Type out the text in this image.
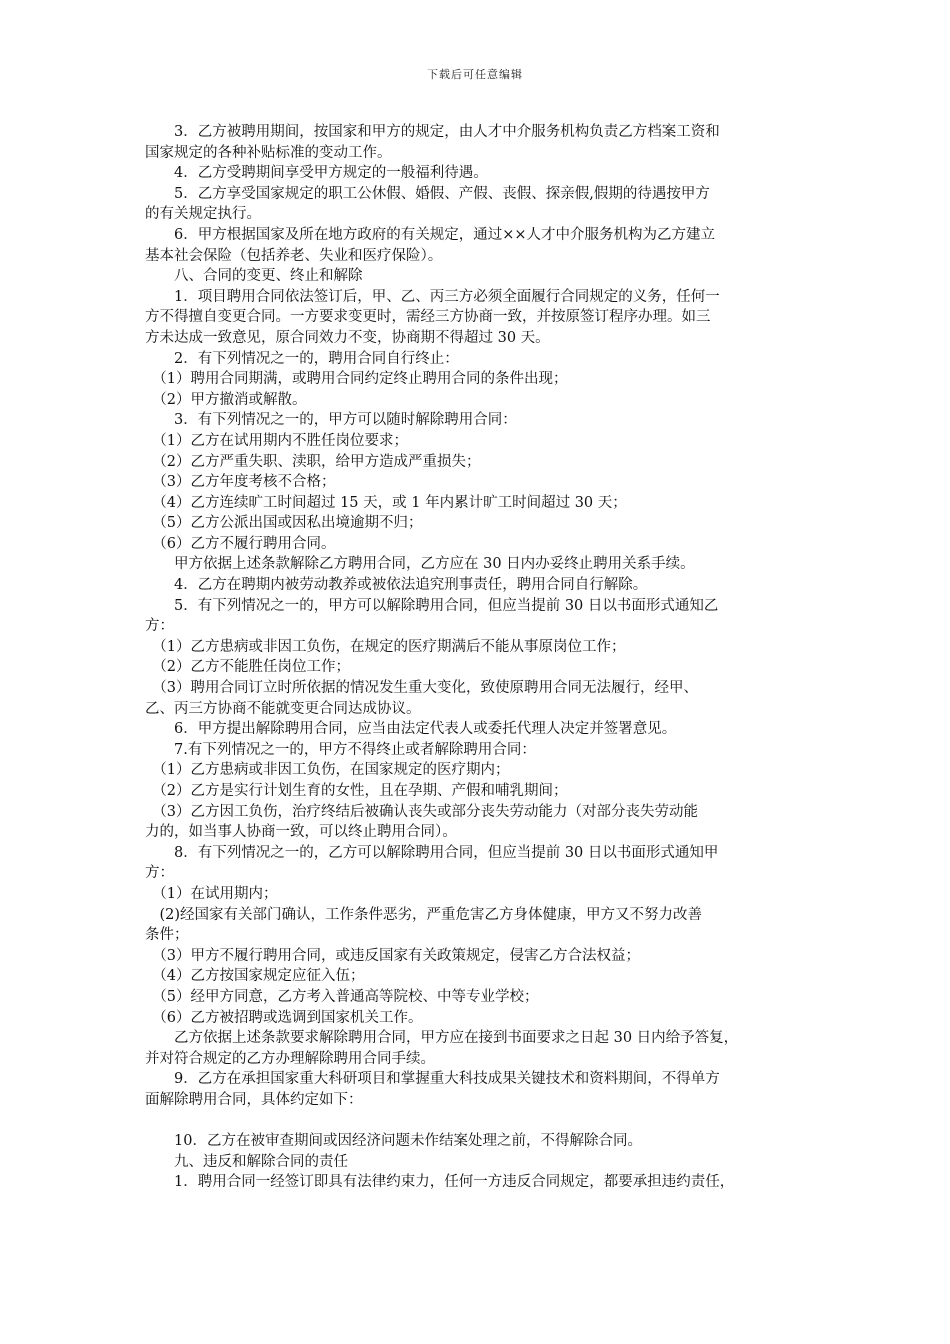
下载后可任意编辑
　　3．乙方被聘用期间，按国家和甲方的规定，由人才中介服务机构负责乙方档案工资和
国家规定的各种补贴标准的变动工作。
　　4．乙方受聘期间享受甲方规定的一般福利待遇。
　　5．乙方享受国家规定的职工公休假、婚假、产假、丧假、探亲假,假期的待遇按甲方
的有关规定执行。
　　6．甲方根据国家及所在地方政府的有关规定，通过××人才中介服务机构为乙方建立
基本社会保险（包括养老、失业和医疗保险）。
　　八、合同的变更、终止和解除
　　1．项目聘用合同依法签订后，甲、乙、丙三方必须全面履行合同规定的义务，任何一
方不得擅自变更合同。一方要求变更时，需经三方协商一致，并按原签订程序办理。如三
方未达成一致意见，原合同效力不变，协商期不得超过 30 天。
　　2．有下列情况之一的，聘用合同自行终止：
　（1）聘用合同期满，或聘用合同约定终止聘用合同的条件出现；
　（2）甲方撤消或解散。
　　3．有下列情况之一的，甲方可以随时解除聘用合同：
　（1）乙方在试用期内不胜任岗位要求；
　（2）乙方严重失职、渎职，给甲方造成严重损失；
　（3）乙方年度考核不合格；
　（4）乙方连续旷工时间超过 15 天，或 1 年内累计旷工时间超过 30 天；
　（5）乙方公派出国或因私出境逾期不归；
　（6）乙方不履行聘用合同。
　　甲方依据上述条款解除乙方聘用合同，乙方应在 30 日内办妥终止聘用关系手续。
　　4．乙方在聘期内被劳动教养或被依法追究刑事责任，聘用合同自行解除。
　　5．有下列情况之一的，甲方可以解除聘用合同，但应当提前 30 日以书面形式通知乙
方：
　（1）乙方患病或非因工负伤，在规定的医疗期满后不能从事原岗位工作；
　（2）乙方不能胜任岗位工作；
　（3）聘用合同订立时所依据的情况发生重大变化，致使原聘用合同无法履行，经甲、
乙、丙三方协商不能就变更合同达成协议。
　　6．甲方提出解除聘用合同，应当由法定代表人或委托代理人决定并签署意见。
　　7.有下列情况之一的，甲方不得终止或者解除聘用合同：
　（1）乙方患病或非因工负伤，在国家规定的医疗期内；
　（2）乙方是实行计划生育的女性，且在孕期、产假和哺乳期间；
　（3）乙方因工负伤，治疗终结后被确认丧失或部分丧失劳动能力（对部分丧失劳动能
力的，如当事人协商一致，可以终止聘用合同）。
　　8．有下列情况之一的，乙方可以解除聘用合同，但应当提前 30 日以书面形式通知甲
方：
　（1）在试用期内；
　(2)经国家有关部门确认，工作条件恶劣，严重危害乙方身体健康，甲方又不努力改善
条件；
　（3）甲方不履行聘用合同，或违反国家有关政策规定，侵害乙方合法权益；
　（4）乙方按国家规定应征入伍；
　（5）经甲方同意，乙方考入普通高等院校、中等专业学校；
　（6）乙方被招聘或选调到国家机关工作。
　　乙方依据上述条款要求解除聘用合同，甲方应在接到书面要求之日起 30 日内给予答复，
并对符合规定的乙方办理解除聘用合同手续。
　　9．乙方在承担国家重大科研项目和掌握重大科技成果关键技术和资料期间，不得单方
面解除聘用合同，具体约定如下：
　　10．乙方在被审查期间或因经济问题未作结案处理之前，不得解除合同。
　　九、违反和解除合同的责任
　　1．聘用合同一经签订即具有法律约束力，任何一方违反合同规定，都要承担违约责任，
